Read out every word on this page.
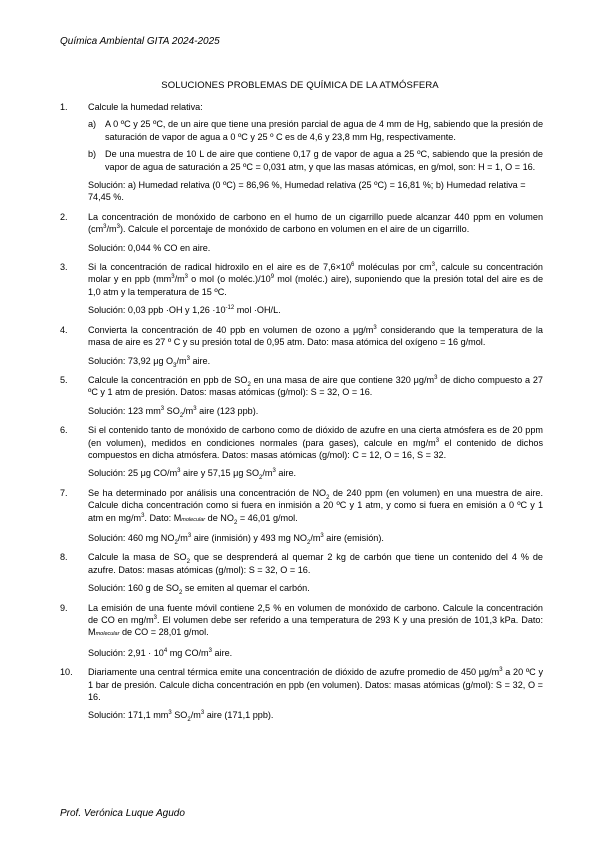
Química Ambiental GITA 2024-2025
SOLUCIONES PROBLEMAS DE QUÍMICA DE LA ATMÓSFERA
1.	Calcule la humedad relativa:
a) A 0 ºC y 25 ºC, de un aire que tiene una presión parcial de agua de 4 mm de Hg, sabiendo que la presión de saturación de vapor de agua a 0 ºC y 25 º C es de 4,6 y 23,8 mm Hg, respectivamente.
b) De una muestra de 10 L de aire que contiene 0,17 g de vapor de agua a 25 ºC, sabiendo que la presión de vapor de agua de saturación a 25 ºC = 0,031 atm, y que las masas atómicas, en g/mol, son: H = 1, O = 16.
Solución: a) Humedad relativa (0 ºC) = 86,96 %, Humedad relativa (25 ºC) = 16,81 %; b) Humedad relativa = 74,45 %.
2.	La concentración de monóxido de carbono en el humo de un cigarrillo puede alcanzar 440 ppm en volumen $(cm^3/m^3)$. Calcule el porcentaje de monóxido de carbono en volumen en el aire de un cigarrillo.
Solución: 0,044 % CO en aire.
3.	Si la concentración de radical hidroxilo en el aire es de $7,6\times 10^6$ moléculas por $cm^3$, calcule su concentración molar y en ppb ($mm^3/m^3$ o mol (o $moléc.)/10^9$ mol (moléc.) aire), suponiendo que la presión total del aire es de 1,0 atm y la temperatura de 15 ºC.
Solución: 0,03 ppb ·OH y $1,26 \cdot 10^{-12}$ mol ·OH/L.
4.	Convierta la concentración de 40 ppb en volumen de ozono a $\mu g/m^3$ considerando que la temperatura de la masa de aire es 27 º C y su presión total de 0,95 atm. Dato: masa atómica del oxígeno = 16 g/mol.
Solución: 73,92 μg $O_3/m^3$ aire.
5.	Calcule la concentración en ppb de $SO_2$ en una masa de aire que contiene 320 $\mu g/m^3$ de dicho compuesto a 27 ºC y 1 atm de presión. Datos: masas atómicas (g/mol): S = 32, O = 16.
Solución: 123 $mm^3$ $SO_2/m^3$ aire (123 ppb).
6.	Si el contenido tanto de monóxido de carbono como de dióxido de azufre en una cierta atmósfera es de 20 ppm (en volumen), medidos en condiciones normales (para gases), calcule en $mg/m^3$ el contenido de dichos compuestos en dicha atmósfera. Datos: masas atómicas (g/mol): C = 12, O = 16, S = 32.
Solución: 25 μg $CO/m^3$ aire y 57,15 μg $SO_2/m^3$ aire.
7.	Se ha determinado por análisis una concentración de $NO_2$ de 240 ppm (en volumen) en una muestra de aire. Calcule dicha concentración como si fuera en inmisión a 20 ºC y 1 atm, y como si fuera en emisión a 0 ºC y 1 atm en $mg/m^3$. Dato: Mmolecular de $NO_2 = 46,01$ g/mol.
Solución: 460 mg $NO_2/m^3$ aire (inmisión) y 493 mg $NO_2/m^3$ aire (emisión).
8.	Calcule la masa de $SO_2$ que se desprenderá al quemar 2 kg de carbón que tiene un contenido del 4 % de azufre. Datos: masas atómicas (g/mol): S = 32, O = 16.
Solución: 160 g de $SO_2$ se emiten al quemar el carbón.
9.	La emisión de una fuente móvil contiene 2,5 % en volumen de monóxido de carbono. Calcule la concentración de CO en $mg/m^3$. El volumen debe ser referido a una temperatura de 293 K y una presión de 101,3 kPa. Dato: Mmolecular de CO = 28,01 g/mol.
Solución: $2,91 \cdot 10^4$ mg $CO/m^3$ aire.
10.	Diariamente una central térmica emite una concentración de dióxido de azufre promedio de 450 $\mu g/m^3$ a 20 ºC y 1 bar de presión. Calcule dicha concentración en ppb (en volumen). Datos: masas atómicas (g/mol): S = 32, O = 16.
Solución: 171,1 $mm^3$ $SO_2/m^3$ aire (171,1 ppb).
Prof. Verónica Luque Agudo
